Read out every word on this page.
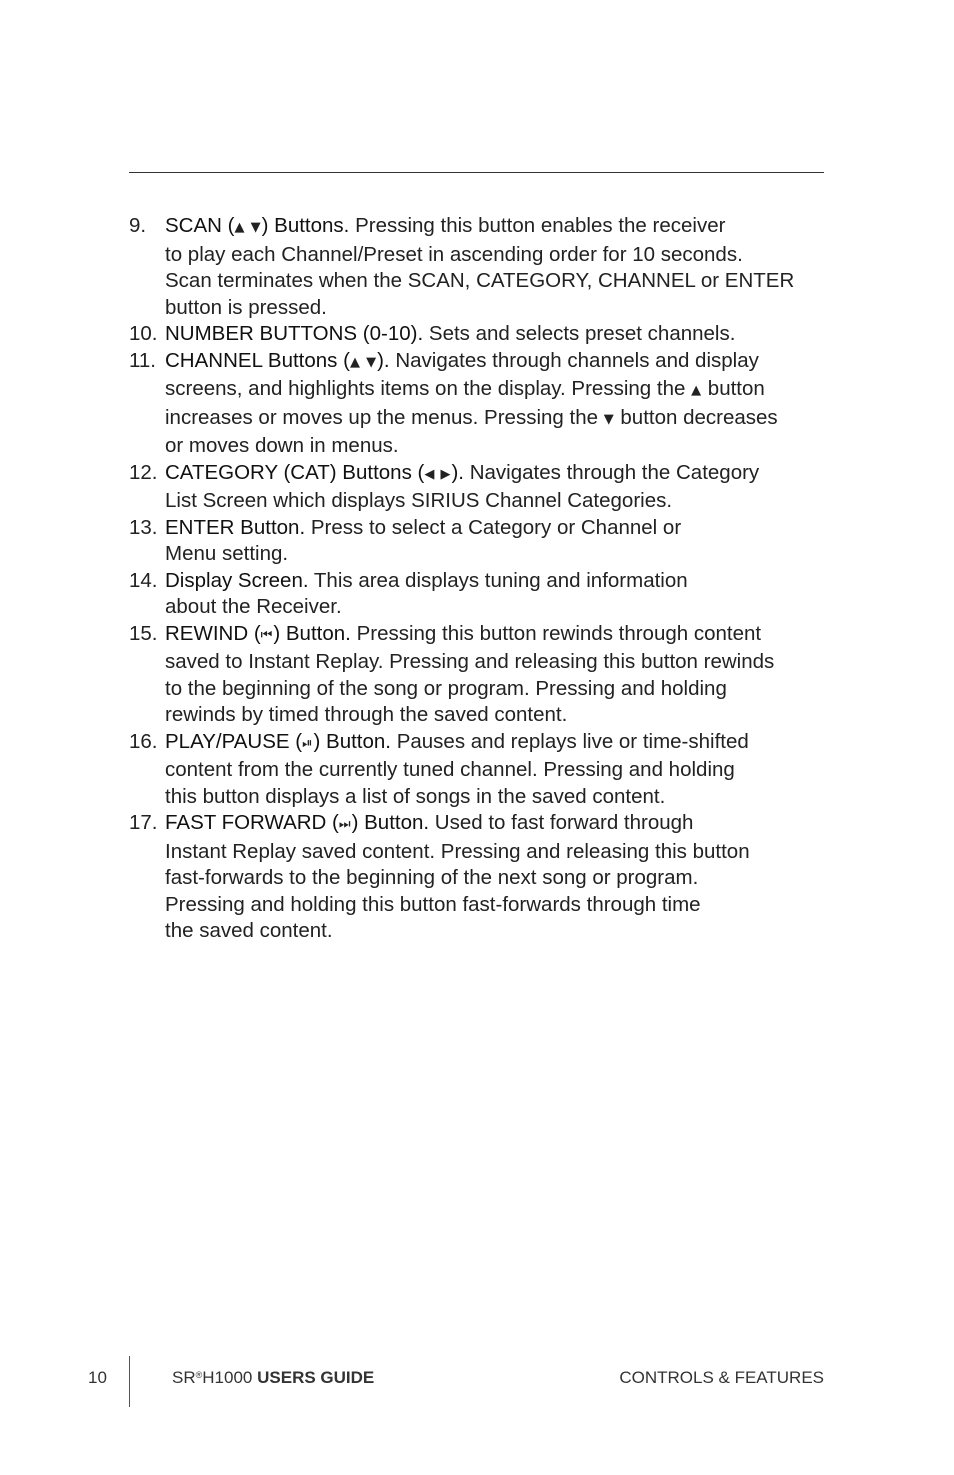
9. SCAN (▲ ▼) Buttons. Pressing this button enables the receiver
to play each Channel/Preset in ascending order for 10 seconds.
Scan terminates when the SCAN, CATEGORY, CHANNEL or ENTER
button is pressed.
10. NUMBER BUTTONS (0-10). Sets and selects preset channels.
11. CHANNEL Buttons (▲ ▼). Navigates through channels and display
screens, and highlights items on the display. Pressing the ▲ button
increases or moves up the menus. Pressing the ▼ button decreases
or moves down in menus.
12. CATEGORY (CAT) Buttons (◀ ▶). Navigates through the Category
List Screen which displays SIRIUS Channel Categories.
13. ENTER Button. Press to select a Category or Channel or
Menu setting.
14. Display Screen. This area displays tuning and information
about the Receiver.
15. REWIND (⏮) Button. Pressing this button rewinds through content
saved to Instant Replay. Pressing and releasing this button rewinds
to the beginning of the song or program. Pressing and holding
rewinds by timed through the saved content.
16. PLAY/PAUSE (⏯) Button. Pauses and replays live or time-shifted
content from the currently tuned channel. Pressing and holding
this button displays a list of songs in the saved content.
17. FAST FORWARD (⏭) Button. Used to fast forward through
Instant Replay saved content. Pressing and releasing this button
fast-forwards to the beginning of the next song or program.
Pressing and holding this button fast-forwards through time
the saved content.
10	SR®H1000 USERS GUIDE	CONTROLS & FEATURES
